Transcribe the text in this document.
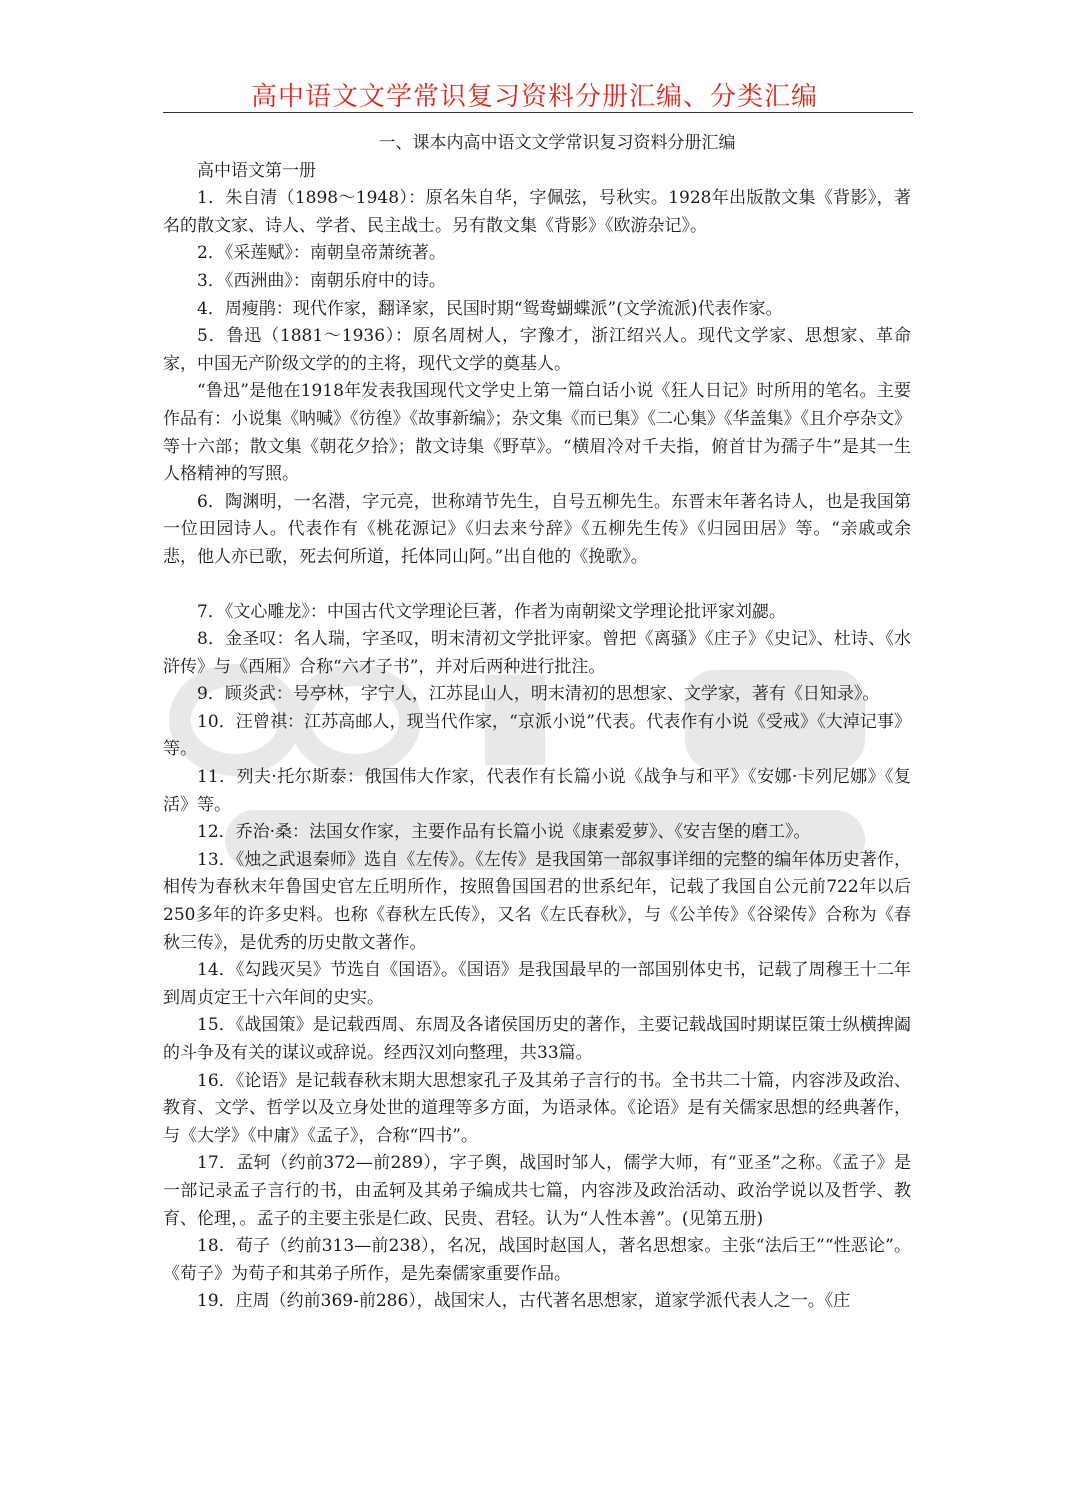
高中语文文学常识复习资料分册汇编、分类汇编

一、课本内高中语文文学常识复习资料分册汇编

高中语文第一册

1．朱自清（1898～1948）：原名朱自华，字佩弦，号秋实。1928年出版散文集《背影》，著名的散文家、诗人、学者、民主战士。另有散文集《背影》《欧游杂记》。

2．《采莲赋》：南朝皇帝萧统著。

3．《西洲曲》：南朝乐府中的诗。

4．周瘦鹃：现代作家，翻译家，民国时期“鸳鸯蝴蝶派”(文学流派)代表作家。

5．鲁迅（1881～1936）：原名周树人，字豫才，浙江绍兴人。现代文学家、思想家、革命家，中国无产阶级文学的的主将，现代文学的奠基人。

“鲁迅”是他在1918年发表我国现代文学史上第一篇白话小说《狂人日记》时所用的笔名。主要作品有：小说集《呐喊》《彷徨》《故事新编》；杂文集《而已集》《二心集》《华盖集》《且介亭杂文》等十六部；散文集《朝花夕拾》；散文诗集《野草》。“横眉冷对千夫指，俯首甘为孺子牛”是其一生人格精神的写照。

6．陶渊明，一名潜，字元亮，世称靖节先生，自号五柳先生。东晋末年著名诗人，也是我国第一位田园诗人。代表作有《桃花源记》《归去来兮辞》《五柳先生传》《归园田居》等。“亲戚或余悲，他人亦已歌，死去何所道，托体同山阿。”出自他的《挽歌》。

7．《文心雕龙》：中国古代文学理论巨著，作者为南朝梁文学理论批评家刘勰。

8．金圣叹：名人瑞，字圣叹，明末清初文学批评家。曾把《离骚》《庄子》《史记》、杜诗、《水浒传》与《西厢》合称“六才子书”，并对后两种进行批注。

9．顾炎武：号亭林，字宁人，江苏昆山人，明末清初的思想家、文学家，著有《日知录》。

10．汪曾祺：江苏高邮人，现当代作家，“京派小说”代表。代表作有小说《受戒》《大淖记事》等。

11．列夫·托尔斯泰：俄国伟大作家，代表作有长篇小说《战争与和平》《安娜·卡列尼娜》《复活》等。

12．乔治·桑：法国女作家，主要作品有长篇小说《康素爱萝》、《安吉堡的磨工》。

13．《烛之武退秦师》选自《左传》。《左传》是我国第一部叙事详细的完整的编年体历史著作，相传为春秋末年鲁国史官左丘明所作，按照鲁国国君的世系纪年，记载了我国自公元前722年以后250多年的许多史料。也称《春秋左氏传》，又名《左氏春秋》，与《公羊传》《谷梁传》合称为《春秋三传》，是优秀的历史散文著作。

14．《勾践灭吴》节选自《国语》。《国语》是我国最早的一部国别体史书，记载了周穆王十二年到周贞定王十六年间的史实。

15．《战国策》是记载西周、东周及各诸侯国历史的著作，主要记载战国时期谋臣策士纵横捭阖的斗争及有关的谋议或辞说。经西汉刘向整理，共33篇。

16．《论语》是记载春秋末期大思想家孔子及其弟子言行的书。全书共二十篇，内容涉及政治、教育、文学、哲学以及立身处世的道理等多方面，为语录体。《论语》是有关儒家思想的经典著作，与《大学》《中庸》《孟子》，合称“四书”。

17．孟轲（约前372—前289），字子舆，战国时邹人，儒学大师，有“亚圣”之称。《孟子》是一部记录孟子言行的书，由孟轲及其弟子编成共七篇，内容涉及政治活动、政治学说以及哲学、教育、伦理，。孟子的主要主张是仁政、民贵、君轻。认为“人性本善”。(见第五册)

18．荀子（约前313—前238），名况，战国时赵国人，著名思想家。主张“法后王”“性恶论”。《荀子》为荀子和其弟子所作，是先秦儒家重要作品。

19．庄周（约前369-前286），战国宋人，古代著名思想家，道家学派代表人之一。《庄
